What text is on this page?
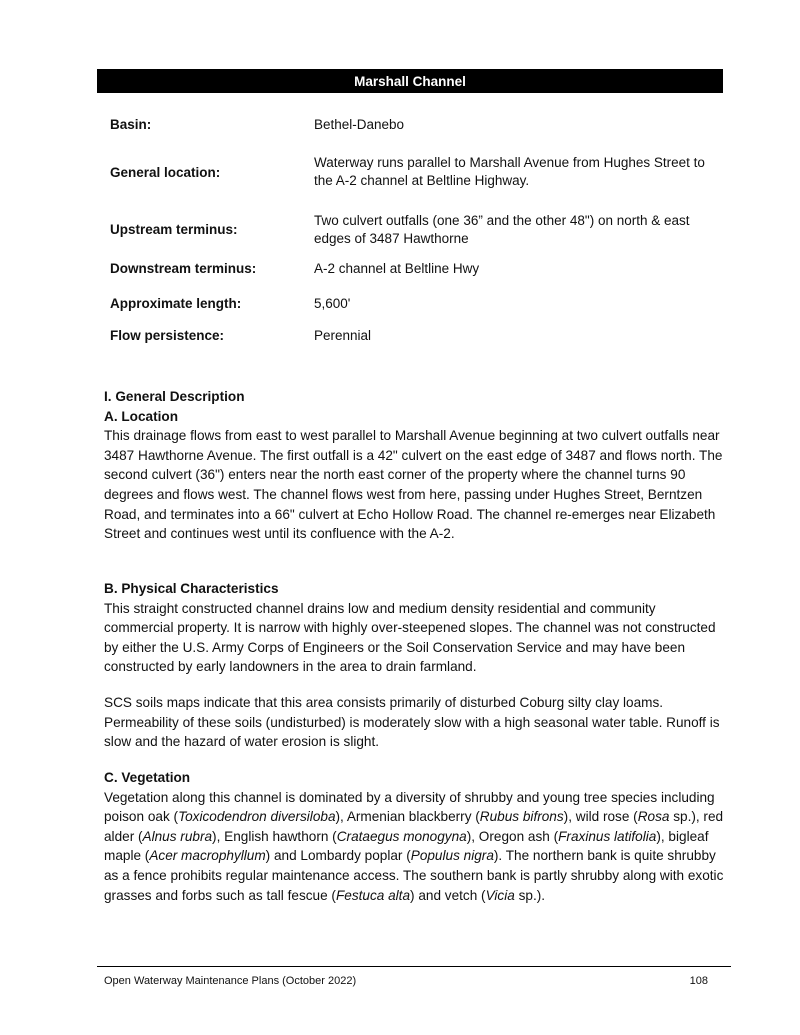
Marshall Channel
Basin:	Bethel-Danebo
General location:
Waterway runs parallel to Marshall Avenue from Hughes Street to the A-2 channel at Beltline Highway.
Upstream terminus:
Two culvert outfalls (one 36” and the other 48") on north & east edges of 3487 Hawthorne
Downstream terminus:	A-2 channel at Beltline Hwy
Approximate length:	5,600'
Flow persistence:	Perennial
I. General Description
A. Location

This drainage flows from east to west parallel to Marshall Avenue beginning at two culvert outfalls near 3487 Hawthorne Avenue. The first outfall is a 42" culvert on the east edge of 3487 and flows north. The second culvert (36") enters near the north east corner of the property where the channel turns 90 degrees and flows west. The channel flows west from here, passing under Hughes Street, Berntzen Road, and terminates into a 66" culvert at Echo Hollow Road. The channel re-emerges near Elizabeth Street and continues west until its confluence with the A-2.

B. Physical Characteristics

This straight constructed channel drains low and medium density residential and community commercial property. It is narrow with highly over-steepened slopes. The channel was not constructed by either the U.S. Army Corps of Engineers or the Soil Conservation Service and may have been constructed by early landowners in the area to drain farmland.

SCS soils maps indicate that this area consists primarily of disturbed Coburg silty clay loams. Permeability of these soils (undisturbed) is moderately slow with a high seasonal water table. Runoff is slow and the hazard of water erosion is slight.

C. Vegetation

Vegetation along this channel is dominated by a diversity of shrubby and young tree species including poison oak (Toxicodendron diversiloba), Armenian blackberry (Rubus bifrons), wild rose (Rosa sp.), red alder (Alnus rubra), English hawthorn (Crataegus monogyna), Oregon ash (Fraxinus latifolia), bigleaf maple (Acer macrophyllum) and Lombardy poplar (Populus nigra). The northern bank is quite shrubby as a fence prohibits regular maintenance access. The southern bank is partly shrubby along with exotic grasses and forbs such as tall fescue (Festuca alta) and vetch (Vicia sp.).

Open Waterway Maintenance Plans (October 2022)	108
